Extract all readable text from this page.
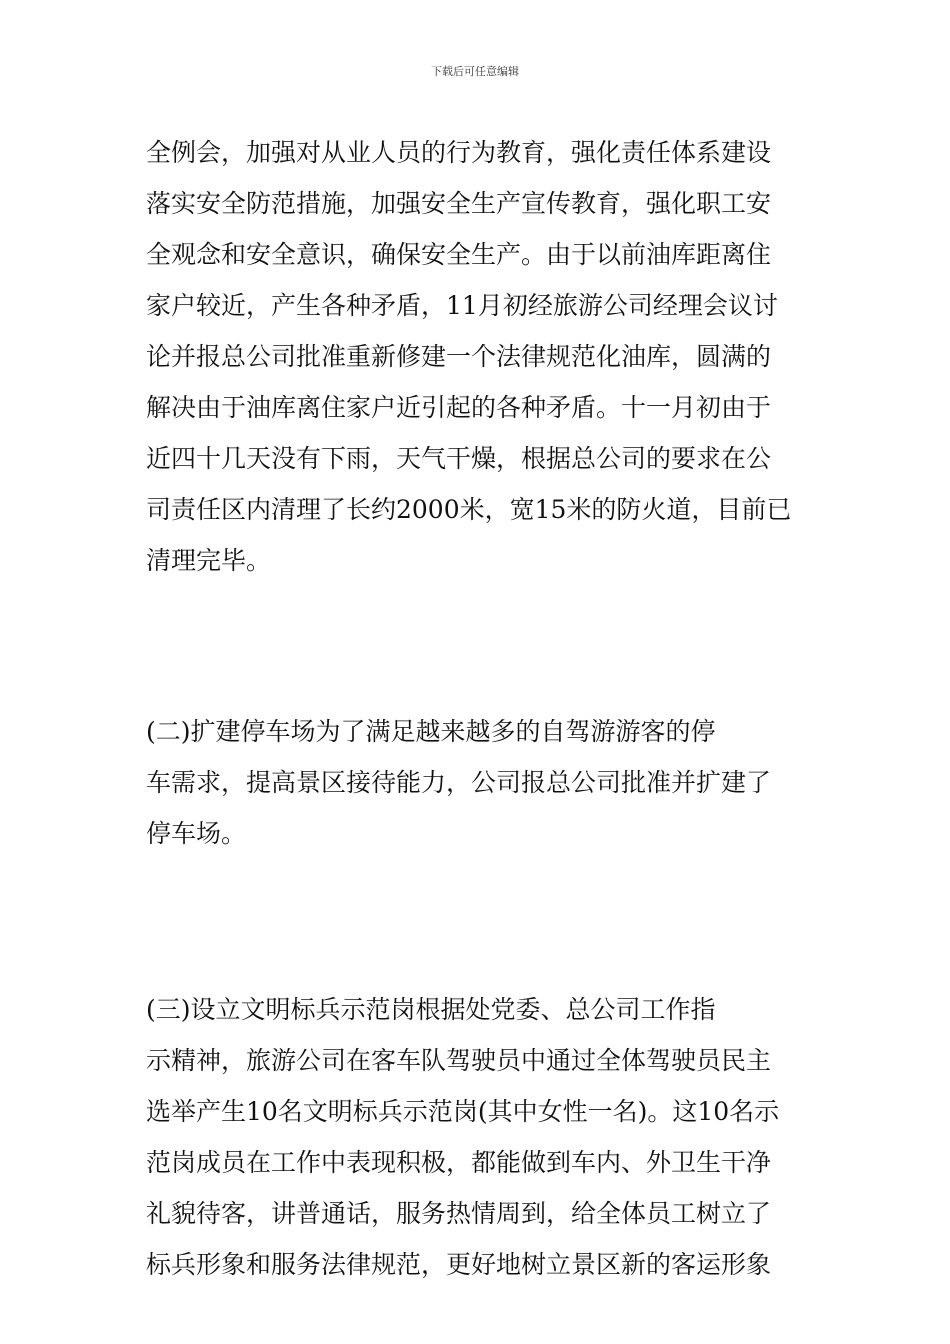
下载后可任意编辑
全例会，加强对从业人员的行为教育，强化责任体系建设
落实安全防范措施，加强安全生产宣传教育，强化职工安
全观念和安全意识，确保安全生产。由于以前油库距离住
家户较近，产生各种矛盾，11月初经旅游公司经理会议讨
论并报总公司批准重新修建一个法律规范化油库，圆满的
解决由于油库离住家户近引起的各种矛盾。十一月初由于
近四十几天没有下雨，天气干燥，根据总公司的要求在公
司责任区内清理了长约2000米，宽15米的防火道，目前已
清理完毕。
(二)扩建停车场为了满足越来越多的自驾游游客的停
车需求，提高景区接待能力，公司报总公司批准并扩建了
停车场。
(三)设立文明标兵示范岗根据处党委、总公司工作指
示精神，旅游公司在客车队驾驶员中通过全体驾驶员民主
选举产生10名文明标兵示范岗(其中女性一名)。这10名示
范岗成员在工作中表现积极，都能做到车内、外卫生干净
礼貌待客，讲普通话，服务热情周到，给全体员工树立了
标兵形象和服务法律规范，更好地树立景区新的客运形象
